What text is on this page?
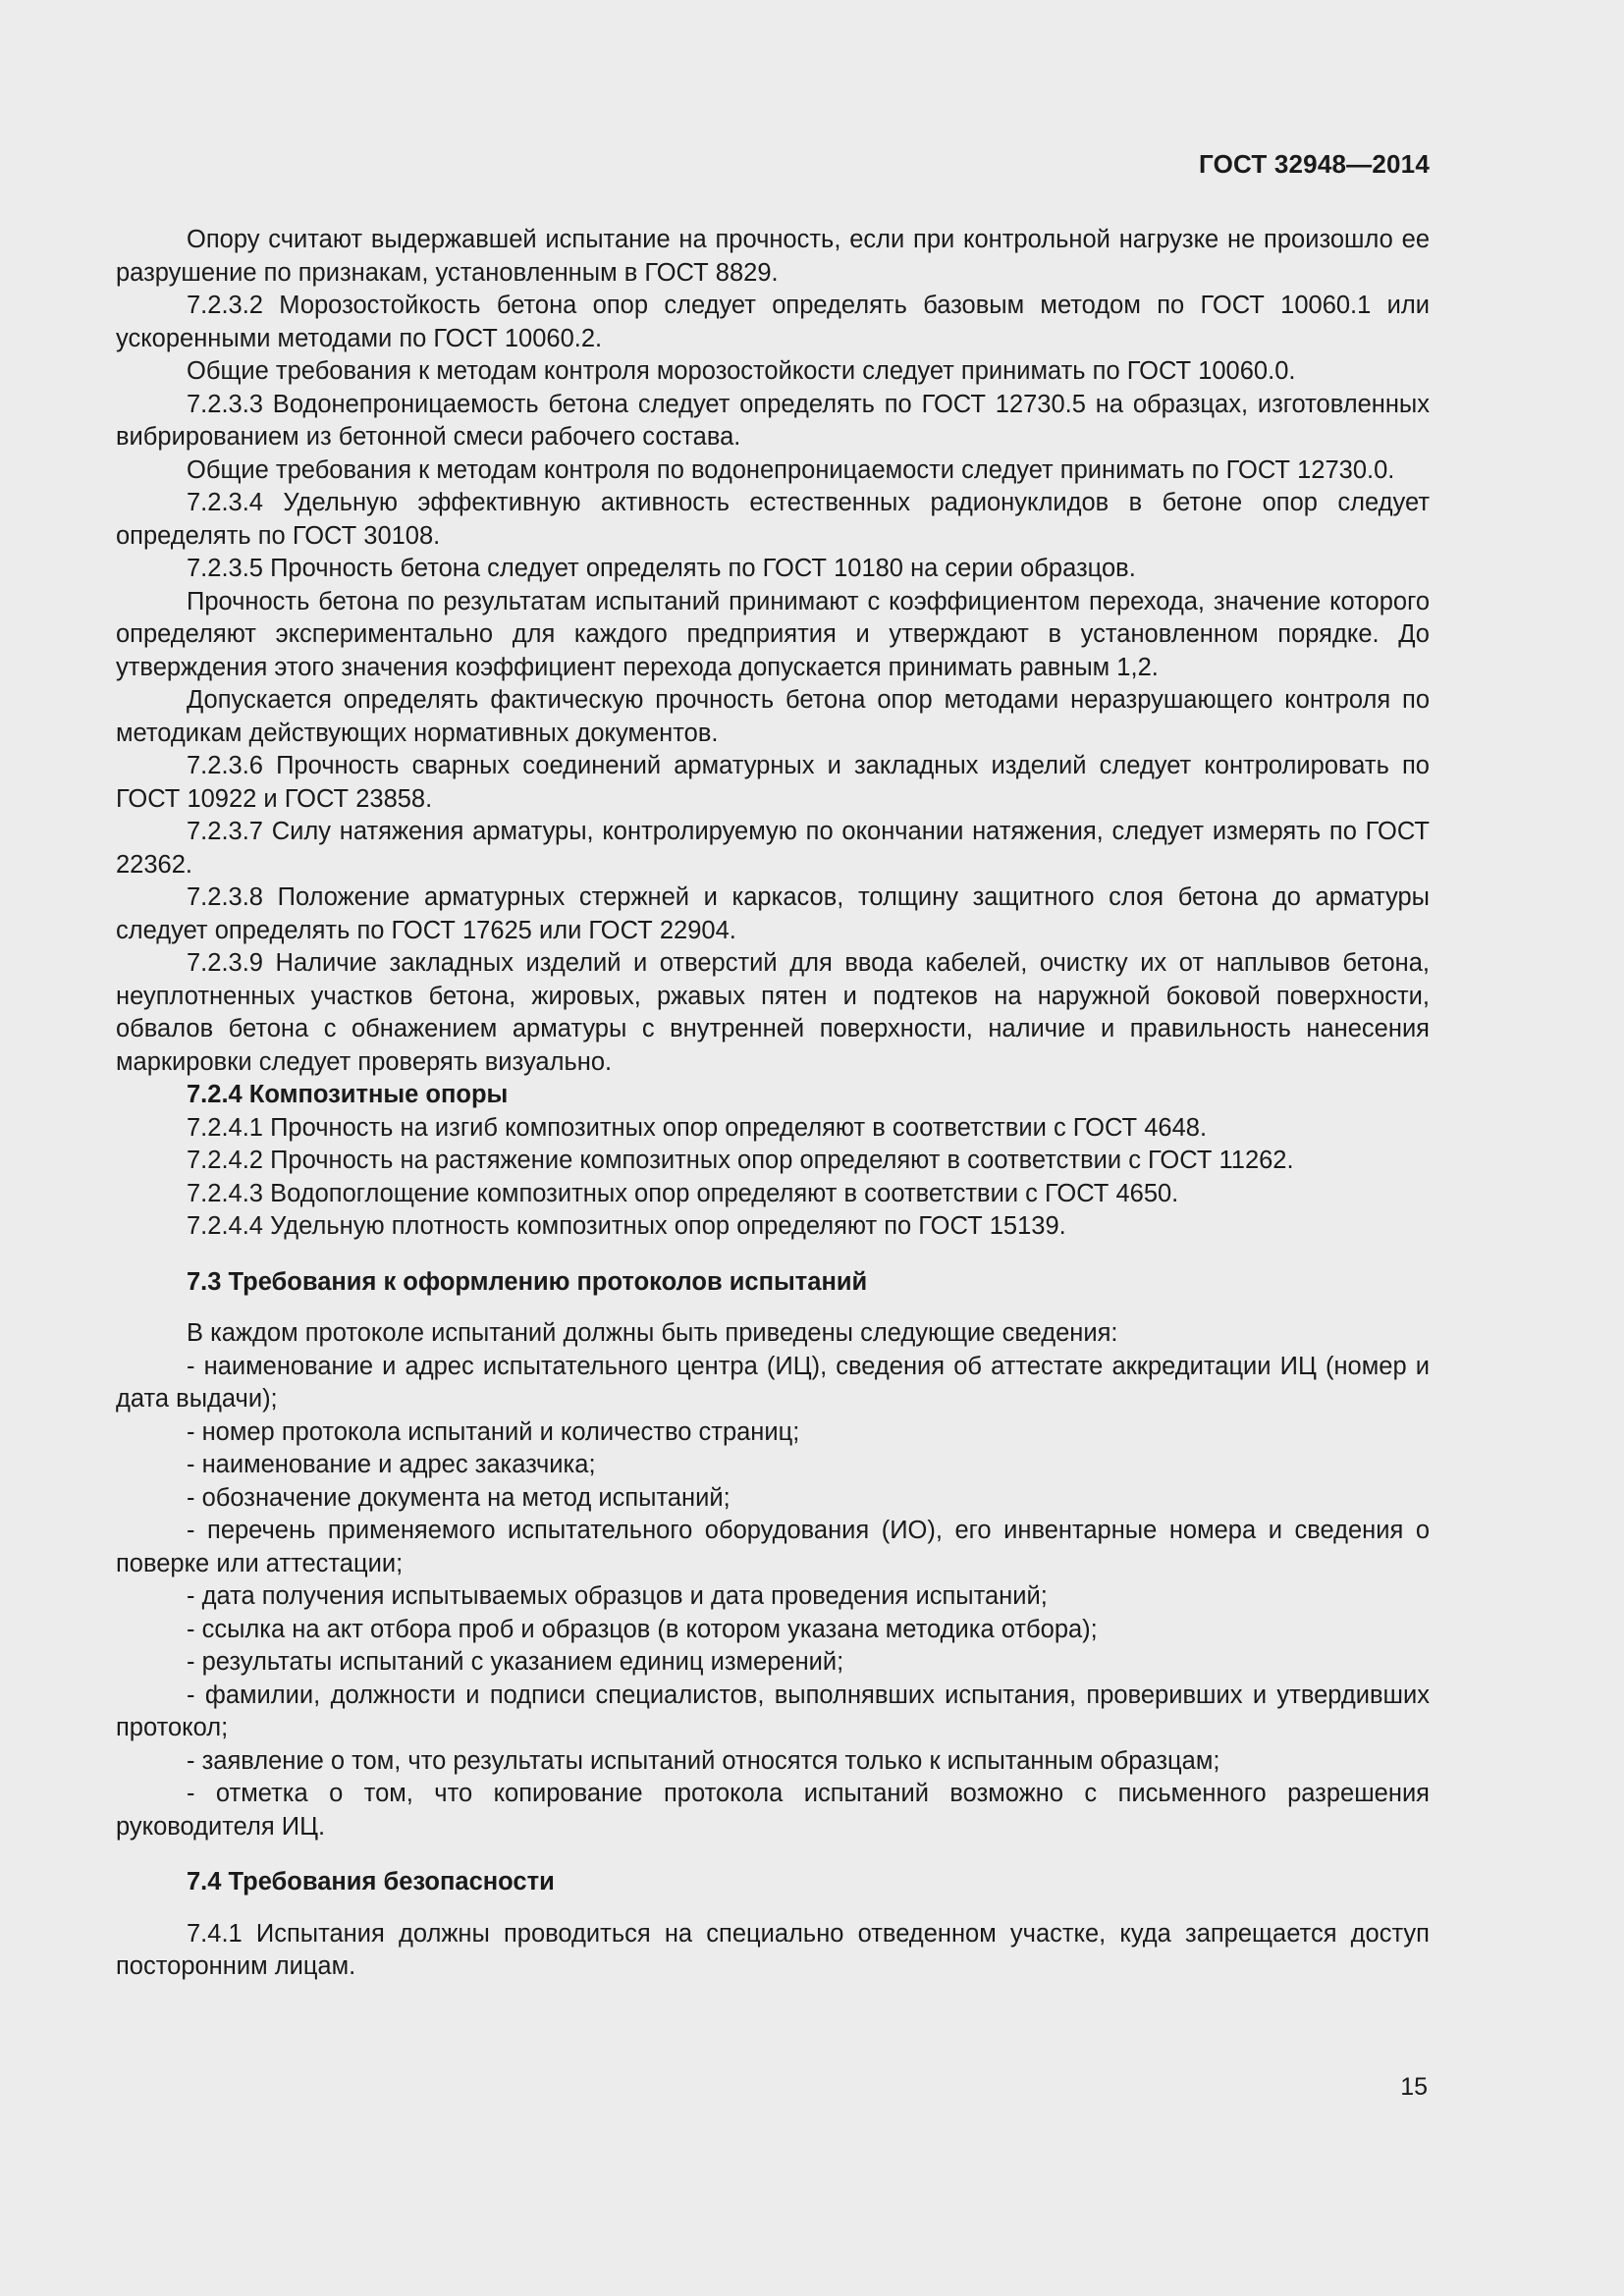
ГОСТ 32948—2014

Опору считают выдержавшей испытание на прочность, если при контрольной нагрузке не произошло ее разрушение по признакам, установленным в ГОСТ 8829.

7.2.3.2 Морозостойкость бетона опор следует определять базовым методом по ГОСТ 10060.1 или ускоренными методами по ГОСТ 10060.2.

Общие требования к методам контроля морозостойкости следует принимать по ГОСТ 10060.0.

7.2.3.3 Водонепроницаемость бетона следует определять по ГОСТ 12730.5 на образцах, изготовленных вибрированием из бетонной смеси рабочего состава.

Общие требования к методам контроля по водонепроницаемости следует принимать по ГОСТ 12730.0.

7.2.3.4 Удельную эффективную активность естественных радионуклидов в бетоне опор следует определять по ГОСТ 30108.

7.2.3.5 Прочность бетона следует определять по ГОСТ 10180 на серии образцов.

Прочность бетона по результатам испытаний принимают с коэффициентом перехода, значение которого определяют экспериментально для каждого предприятия и утверждают в установленном порядке. До утверждения этого значения коэффициент перехода допускается принимать равным 1,2.

Допускается определять фактическую прочность бетона опор методами неразрушающего контроля по методикам действующих нормативных документов.

7.2.3.6 Прочность сварных соединений арматурных и закладных изделий следует контролировать по ГОСТ 10922 и ГОСТ 23858.

7.2.3.7 Силу натяжения арматуры, контролируемую по окончании натяжения, следует измерять по ГОСТ 22362.

7.2.3.8 Положение арматурных стержней и каркасов, толщину защитного слоя бетона до арматуры следует определять по ГОСТ 17625 или ГОСТ 22904.

7.2.3.9 Наличие закладных изделий и отверстий для ввода кабелей, очистку их от наплывов бетона, неуплотненных участков бетона, жировых, ржавых пятен и подтеков на наружной боковой поверхности, обвалов бетона с обнажением арматуры с внутренней поверхности, наличие и правильность нанесения маркировки следует проверять визуально.

7.2.4 Композитные опоры

7.2.4.1 Прочность на изгиб композитных опор определяют в соответствии с ГОСТ 4648.

7.2.4.2 Прочность на растяжение композитных опор определяют в соответствии с ГОСТ 11262.

7.2.4.3 Водопоглощение композитных опор определяют в соответствии с ГОСТ 4650.

7.2.4.4 Удельную плотность композитных опор определяют по ГОСТ 15139.

7.3 Требования к оформлению протоколов испытаний

В каждом протоколе испытаний должны быть приведены следующие сведения:

- наименование и адрес испытательного центра (ИЦ), сведения об аттестате аккредитации ИЦ (номер и дата выдачи);

- номер протокола испытаний и количество страниц;

- наименование и адрес заказчика;

- обозначение документа на метод испытаний;

- перечень применяемого испытательного оборудования (ИО), его инвентарные номера и сведения о поверке или аттестации;

- дата получения испытываемых образцов и дата проведения испытаний;

- ссылка на акт отбора проб и образцов (в котором указана методика отбора);

- результаты испытаний с указанием единиц измерений;

- фамилии, должности и подписи специалистов, выполнявших испытания, проверивших и утвердивших протокол;

- заявление о том, что результаты испытаний относятся только к испытанным образцам;

- отметка о том, что копирование протокола испытаний возможно с письменного разрешения руководителя ИЦ.

7.4 Требования безопасности

7.4.1 Испытания должны проводиться на специально отведенном участке, куда запрещается доступ посторонним лицам.

15
